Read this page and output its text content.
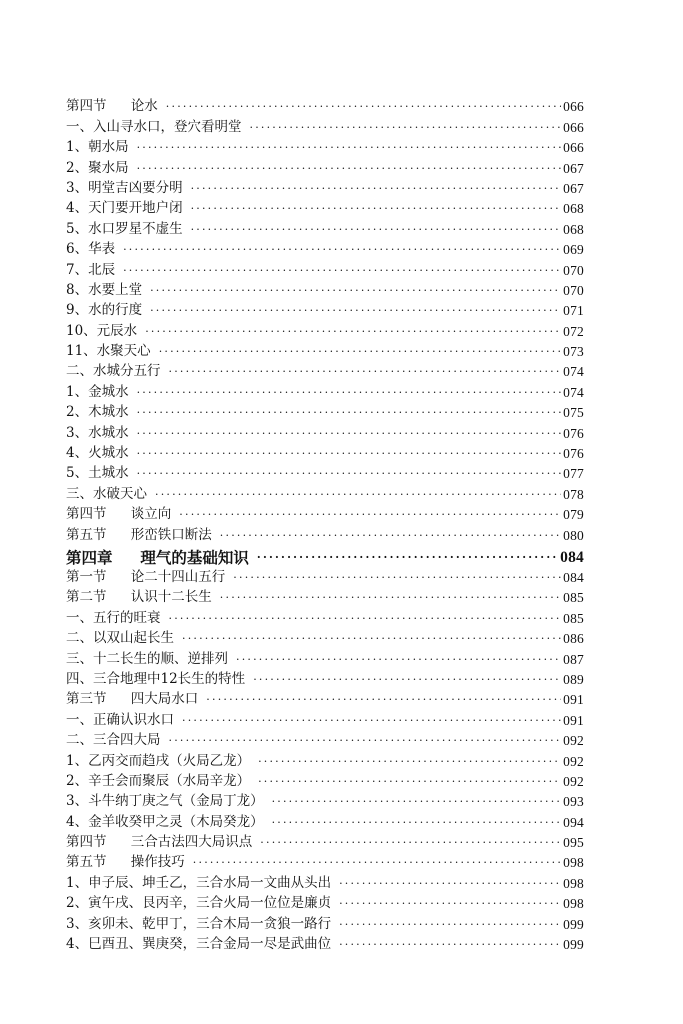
第四节 论水 ·····	066
一、入山寻水口，登穴看明堂 ·····	066
1、朝水局 ·····	066
2、聚水局 ·····	067
3、明堂吉凶要分明 ·····	067
4、天门要开地户闭 ·····	068
5、水口罗星不虚生 ·····	068
6、华表 ·····	069
7、北辰 ·····	070
8、水要上堂 ·····	070
9、水的行度 ·····	071
10、元辰水 ·····	072
11、水聚天心 ·····	073
二、水城分五行 ·····	074
1、金城水 ·····	074
2、木城水 ·····	075
3、水城水 ·····	076
4、火城水 ·····	076
5、土城水 ·····	077
三、水破天心 ·····	078
第四节 谈立向 ·····	079
第五节 形峦铁口断法 ·····	080
第四章 理气的基础知识 ·····	084
第一节 论二十四山五行 ·····	084
第二节 认识十二长生 ·····	085
一、五行的旺衰 ·····	085
二、以双山起长生 ·····	086
三、十二长生的顺、逆排列 ·····	087
四、三合地理中12长生的特性 ·····	089
第三节 四大局水口 ·····	091
一、正确认识水口 ·····	091
二、三合四大局 ·····	092
1、乙丙交而趋戌（火局乙龙） ·····	092
2、辛壬会而聚辰（水局辛龙） ·····	092
3、斗牛纳丁庚之气（金局丁龙） ·····	093
4、金羊收癸甲之灵（木局癸龙） ·····	094
第四节 三合古法四大局识点 ·····	095
第五节 操作技巧 ·····	098
1、申子辰、坤壬乙，三合水局一文曲从头出 ·····	098
2、寅午戌、艮丙辛，三合火局一位位是廉贞 ·····	098
3、亥卯未、乾甲丁，三合木局一贪狼一路行 ·····	099
4、巳酉丑、巽庚癸，三合金局一尽是武曲位 ·····	099
